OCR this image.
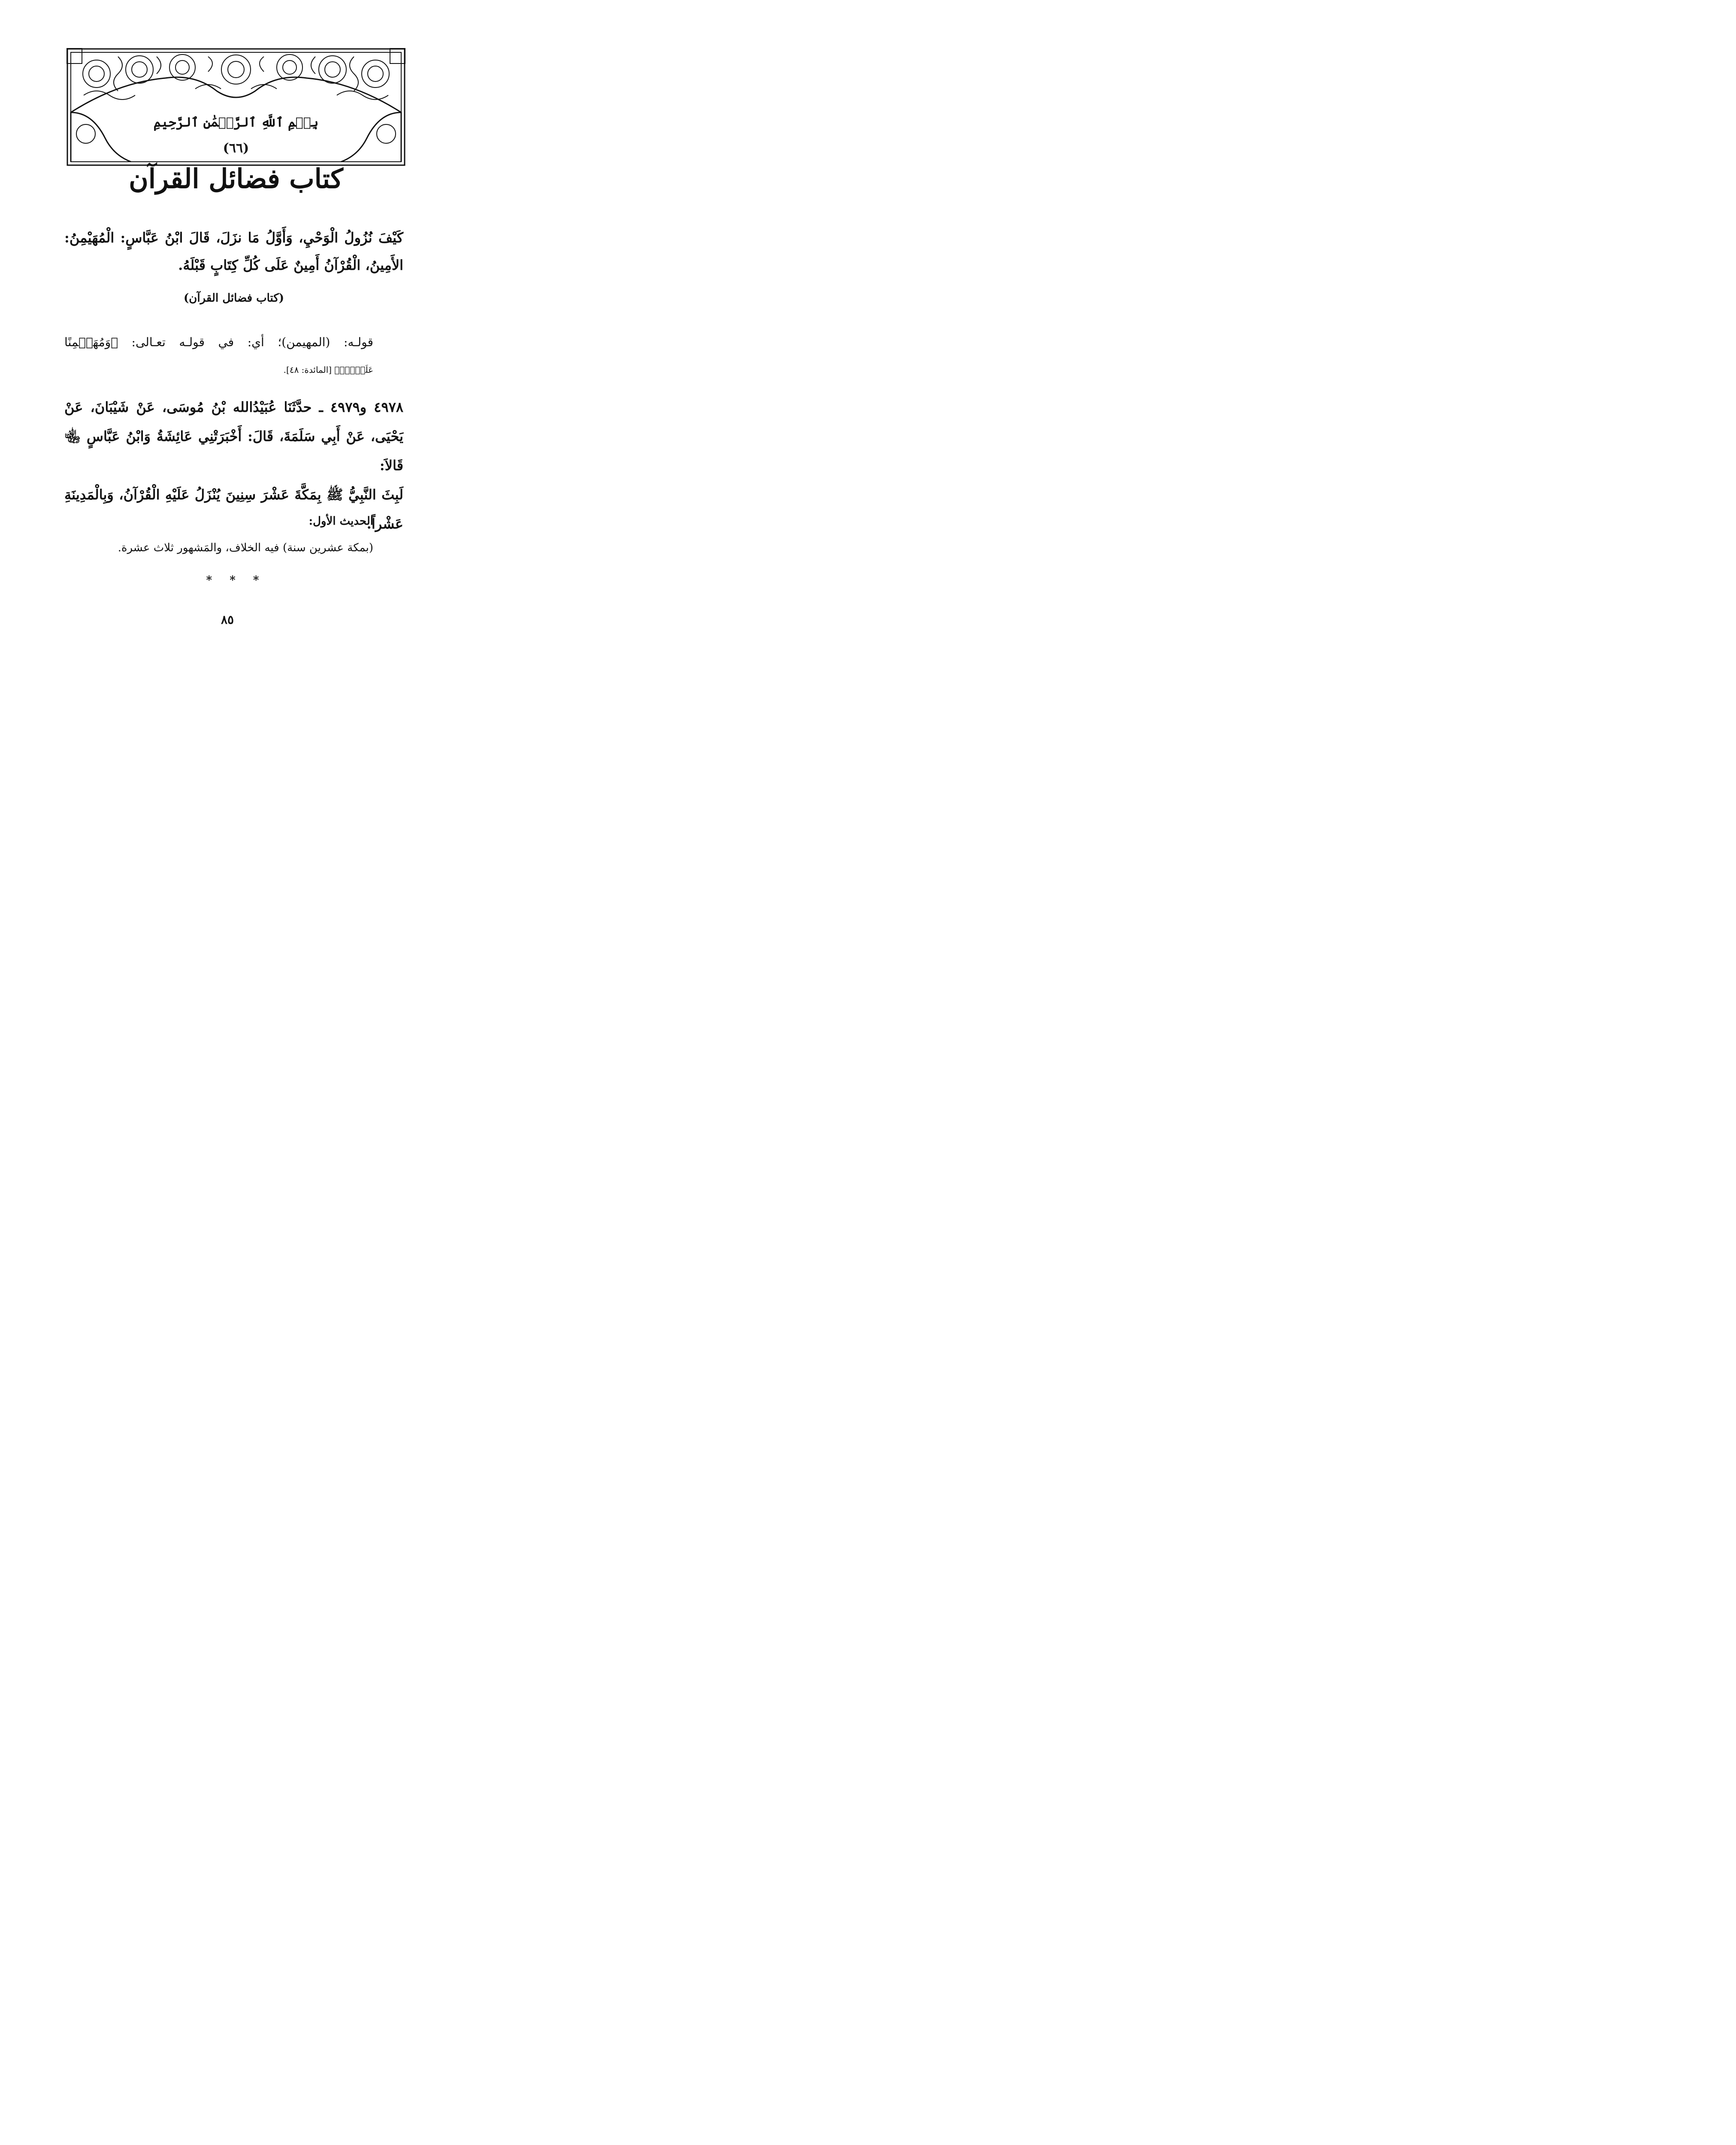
بِسۡمِ ٱللَّهِ ٱلرَّحۡمَٰنِ ٱلرَّحِيمِ
(٦٦)
كتاب فضائل القرآن
كَيْفَ نُزُولُ الْوَحْيِ، وَأَوَّلُ مَا نزَلَ، قَالَ ابْنُ عَبَّاسٍ: الْمُهَيْمِنُ:
الأَمِينُ، الْقُرْآنُ أَمِينٌ عَلَى كُلِّ كِتَابٍ قَبْلَهُ.
(كتاب فضائل القرآن)
قولـه: (المهيمن)؛ أي: في قولـه تعـالى: ﴿وَمُهَيۡمِنًا
عَلَيۡهِۖ﴾ [المائدة: ٤٨].
٤٩٧٨ و٤٩٧٩ ـ حدَّثَنَا عُبَيْدُالله بْنُ مُوسَى، عَنْ شَيْبَانَ، عَنْ
يَحْيَى، عَنْ أَبِي سَلَمَةَ، قَالَ: أَخْبَرَتْنِي عَائِشَةُ وَابْنُ عَبَّاسٍ ﵄ قَالاَ:
لَبِثَ النَّبِيُّ ﷺ بِمَكَّةَ عَشْرَ سِنِينَ يُنْزَلُ عَلَيْهِ الْقُرْآنُ، وَبِالْمَدِينَةِ
عَشْراً.
الحديث الأول:
(بمكة عشرين سنة) فيه الخلاف، والمَشهور ثلاث عشرة.
* * *
٨٥
